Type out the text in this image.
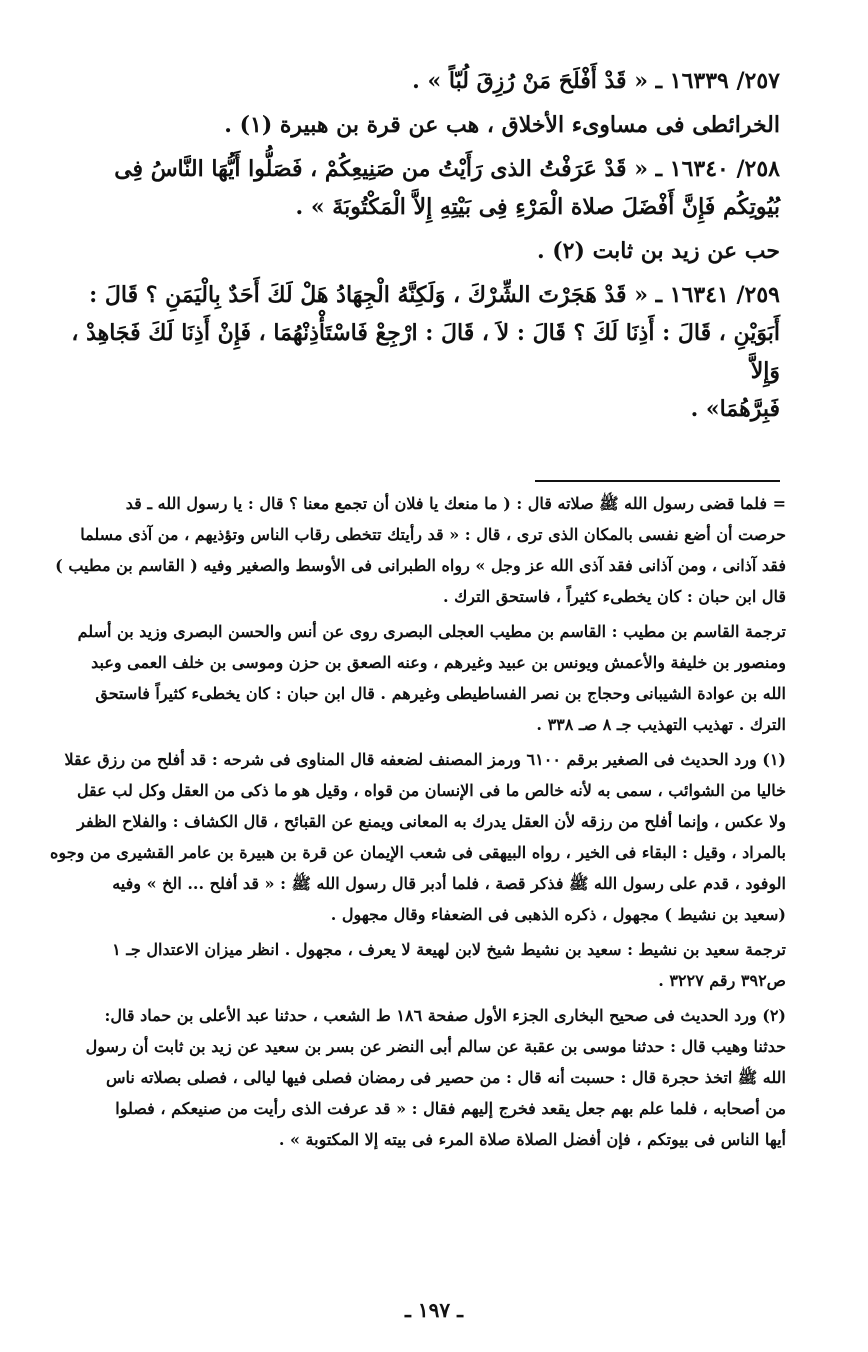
٢٥٧/ ١٦٣٣٩ ـ « قَدْ أَفْلَحَ مَنْ رُزِقَ لُبّاً » .

الخرائطى فى مساوىء الأخلاق ، هب عن قرة بن هبيرة (١) .

٢٥٨/ ١٦٣٤٠ ـ « قَدْ عَرَفْتُ الذى رَأَيْتُ من صَنِيعِكُمْ ، فَصَلُّوا أَيُّهَا النَّاسُ فِى

بُيُوتِكُم فَإِنَّ أَفْضَلَ صلاة الْمَرْءِ فِى بَيْتِهِ إِلاَّ الْمَكْتُوبَةَ » .

حب عن زيد بن ثابت (٢) .

٢٥٩/ ١٦٣٤١ ـ « قَدْ هَجَرْتَ الشِّرْكَ ، وَلَكِنَّهُ الْجِهَادُ هَلْ لَكَ أَحَدٌ بِالْيَمَنِ ؟ قَالَ :

أَبَوَيْنِ ، قَالَ : أَذِنَا لَكَ ؟ قَالَ : لاَ ، قَالَ : ارْجِعْ فَاسْتَأْذِنْهُمَا ، فَإِنْ أَذِنَا لَكَ فَجَاهِدْ ، وَإِلاَّ

فَبِرَّهُمَا» .

= فلما قضى رسول الله ﷺ صلاته قال : ( ما منعك يا فلان أن تجمع معنا ؟ قال : يا رسول الله ـ قد

حرصت أن أضع نفسى بالمكان الذى ترى ، قال : « قد رأيتك تتخطى رقاب الناس وتؤذيهم ، من آذى مسلما

فقد آذانى ، ومن آذانى فقد آذى الله عز وجل » رواه الطبرانى فى الأوسط والصغير وفيه ( القاسم بن مطيب )

قال ابن حبان : كان يخطىء كثيراً ، فاستحق الترك .

ترجمة القاسم بن مطيب : القاسم بن مطيب العجلى البصرى روى عن أنس والحسن البصرى وزيد بن أسلم

ومنصور بن خليفة والأعمش ويونس بن عبيد وغيرهم ، وعنه الصعق بن حزن وموسى بن خلف العمى وعبد

الله بن عوادة الشيبانى وحجاج بن نصر الفساطيطى وغيرهم . قال ابن حبان : كان يخطىء كثيراً فاستحق

الترك . تهذيب التهذيب جـ ٨ صـ ٣٣٨ .

(١) ورد الحديث فى الصغير برقم ٦١٠٠ ورمز المصنف لضعفه قال المناوى فى شرحه : قد أفلح من رزق عقلا

خاليا من الشوائب ، سمى به لأنه خالص ما فى الإنسان من قواه ، وقيل هو ما ذكى من العقل وكل لب عقل

ولا عكس ، وإنما أفلح من رزقه لأن العقل يدرك به المعانى ويمنع عن القبائح ، قال الكشاف : والفلاح الظفر

بالمراد ، وقيل : البقاء فى الخير ، رواه البيهقى فى شعب الإيمان عن قرة بن هبيرة بن عامر القشيرى من وجوه

الوفود ، قدم على رسول الله ﷺ فذكر قصة ، فلما أدبر قال رسول الله ﷺ : « قد أفلح ... الخ » وفيه

(سعيد بن نشيط ) مجهول ، ذكره الذهبى فى الضعفاء وقال مجهول .

ترجمة سعيد بن نشيط : سعيد بن نشيط شيخ لابن لهيعة لا يعرف ، مجهول . انظر ميزان الاعتدال جـ ١

ص٣٩٢ رقم ٣٢٢٧ .

(٢) ورد الحديث فى صحيح البخارى الجزء الأول صفحة ١٨٦ ط الشعب ، حدثنا عبد الأعلى بن حماد قال:

حدثنا وهيب قال : حدثنا موسى بن عقبة عن سالم أبى النضر عن بسر بن سعيد عن زيد بن ثابت أن رسول

الله ﷺ اتخذ حجرة قال : حسبت أنه قال : من حصير فى رمضان فصلى فيها ليالى ، فصلى بصلاته ناس

من أصحابه ، فلما علم بهم جعل يقعد فخرج إليهم فقال : « قد عرفت الذى رأيت من صنيعكم ، فصلوا

أيها الناس فى بيوتكم ، فإن أفضل الصلاة صلاة المرء فى بيته إلا المكتوبة » .

ـ ١٩٧ ـ
